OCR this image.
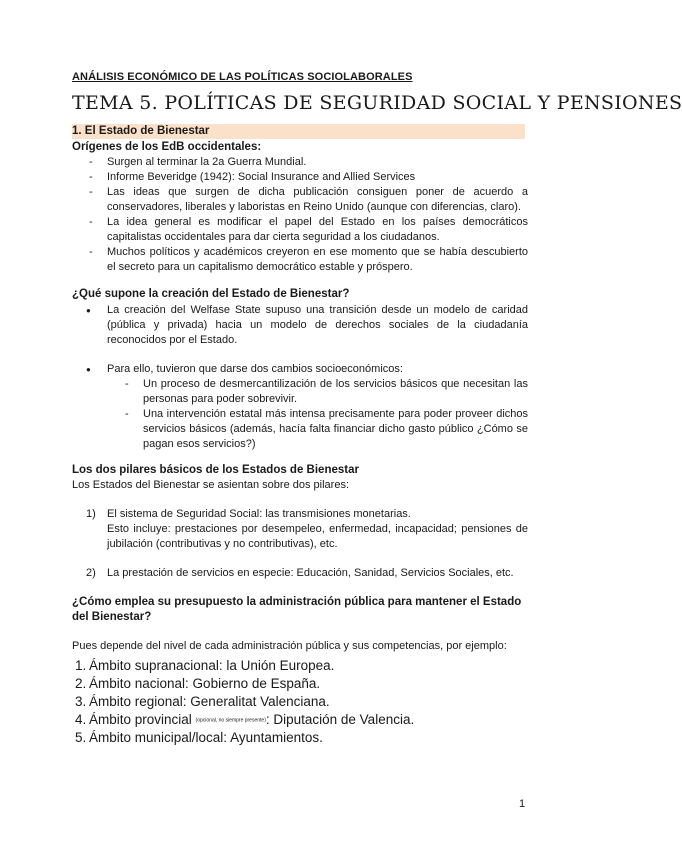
ANÁLISIS ECONÓMICO DE LAS POLÍTICAS SOCIOLABORALES
TEMA 5. POLÍTICAS DE SEGURIDAD SOCIAL Y PENSIONES
1. El Estado de Bienestar
Orígenes de los EdB occidentales:
- Surgen al terminar la 2a Guerra Mundial.
- Informe Beveridge (1942): Social Insurance and Allied Services
- Las ideas que surgen de dicha publicación consiguen poner de acuerdo a conservadores, liberales y laboristas en Reino Unido (aunque con diferencias, claro).
- La idea general es modificar el papel del Estado en los países democráticos capitalistas occidentales para dar cierta seguridad a los ciudadanos.
- Muchos políticos y académicos creyeron en ese momento que se había descubierto el secreto para un capitalismo democrático estable y próspero.
¿Qué supone la creación del Estado de Bienestar?
● La creación del Welfase State supuso una transición desde un modelo de caridad (pública y privada) hacia un modelo de derechos sociales de la ciudadanía reconocidos por el Estado.
● Para ello, tuvieron que darse dos cambios socioeconómicos:
- Un proceso de desmercantilización de los servicios básicos que necesitan las personas para poder sobrevivir.
- Una intervención estatal más intensa precisamente para poder proveer dichos servicios básicos (además, hacía falta financiar dicho gasto público ¿Cómo se pagan esos servicios?)
Los dos pilares básicos de los Estados de Bienestar
Los Estados del Bienestar se asientan sobre dos pilares:
1) El sistema de Seguridad Social: las transmisiones monetarias.
Esto incluye: prestaciones por desempeleo, enfermedad, incapacidad; pensiones de jubilación (contributivas y no contributivas), etc.
2) La prestación de servicios en especie: Educación, Sanidad, Servicios Sociales, etc.
¿Cómo emplea su presupuesto la administración pública para mantener el Estado del Bienestar?
Pues depende del nivel de cada administración pública y sus competencias, por ejemplo:
1. Ámbito supranacional: la Unión Europea.
2. Ámbito nacional: Gobierno de España.
3. Ámbito regional: Generalitat Valenciana.
4. Ámbito provincial (opcional, no siempre presente): Diputación de Valencia.
5. Ámbito municipal/local: Ayuntamientos.
1
